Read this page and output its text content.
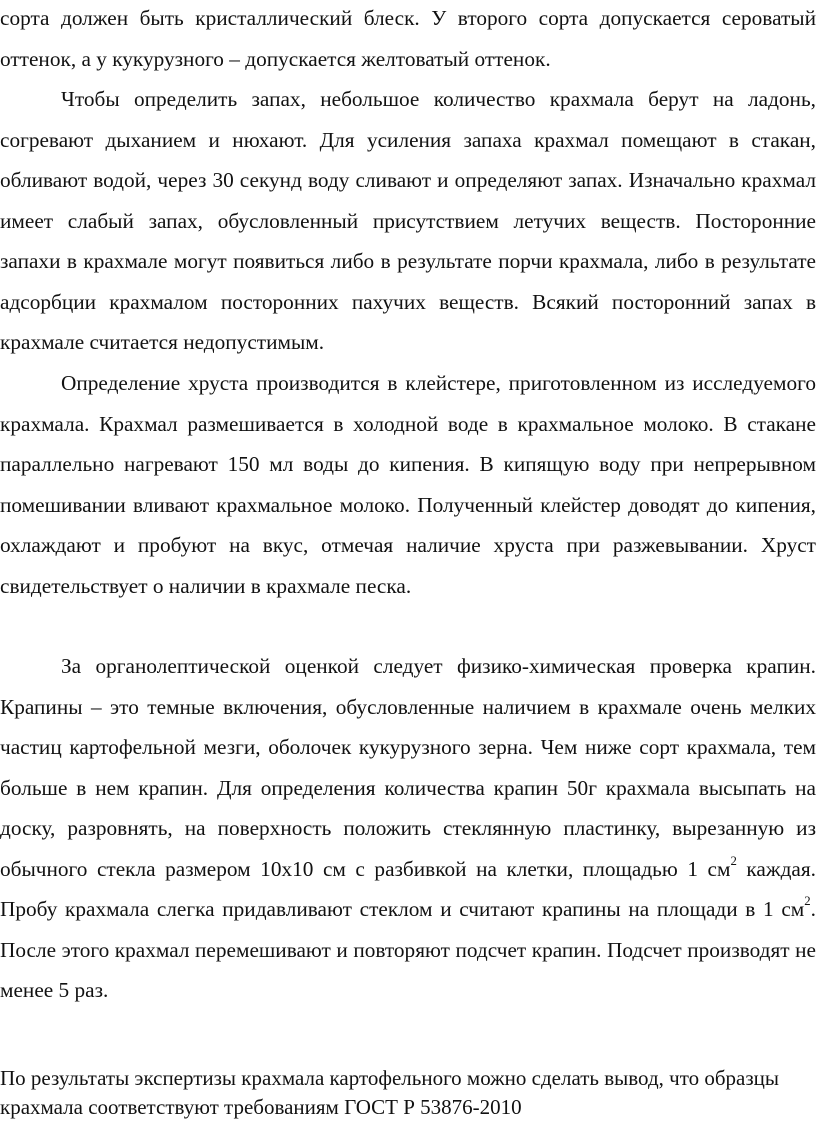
сорта должен быть кристаллический блеск. У второго сорта допускается сероватый оттенок, а у кукурузного – допускается желтоватый оттенок.

Чтобы определить запах, небольшое количество крахмала берут на ладонь, согревают дыханием и нюхают. Для усиления запаха крахмал помещают в стакан, обливают водой, через 30 секунд воду сливают и определяют запах. Изначально крахмал имеет слабый запах, обусловленный присутствием летучих веществ. Посторонние запахи в крахмале могут появиться либо в результате порчи крахмала, либо в результате адсорбции крахмалом посторонних пахучих веществ. Всякий посторонний запах в крахмале считается недопустимым.

Определение хруста производится в клейстере, приготовленном из исследуемого крахмала. Крахмал размешивается в холодной воде в крахмальное молоко. В стакане параллельно нагревают 150 мл воды до кипения. В кипящую воду при непрерывном помешивании вливают крахмальное молоко. Полученный клейстер доводят до кипения, охлаждают и пробуют на вкус, отмечая наличие хруста при разжевывании. Хруст свидетельствует о наличии в крахмале песка.

За органолептической оценкой следует физико-химическая проверка крапин. Крапины – это темные включения, обусловленные наличием в крахмале очень мелких частиц картофельной мезги, оболочек кукурузного зерна. Чем ниже сорт крахмала, тем больше в нем крапин. Для определения количества крапин 50г крахмала высыпать на доску, разровнять, на поверхность положить стеклянную пластинку, вырезанную из обычного стекла размером 10х10 см с разбивкой на клетки, площадью 1 $см^2$ каждая. Пробу крахмала слегка придавливают стеклом и считают крапины на площади в 1 $см^2$. После этого крахмал перемешивают и повторяют подсчет крапин. Подсчет производят не менее 5 раз.

По результаты экспертизы крахмала картофельного можно сделать вывод, что образцы крахмала соответствуют требованиям ГОСТ Р 53876-2010
